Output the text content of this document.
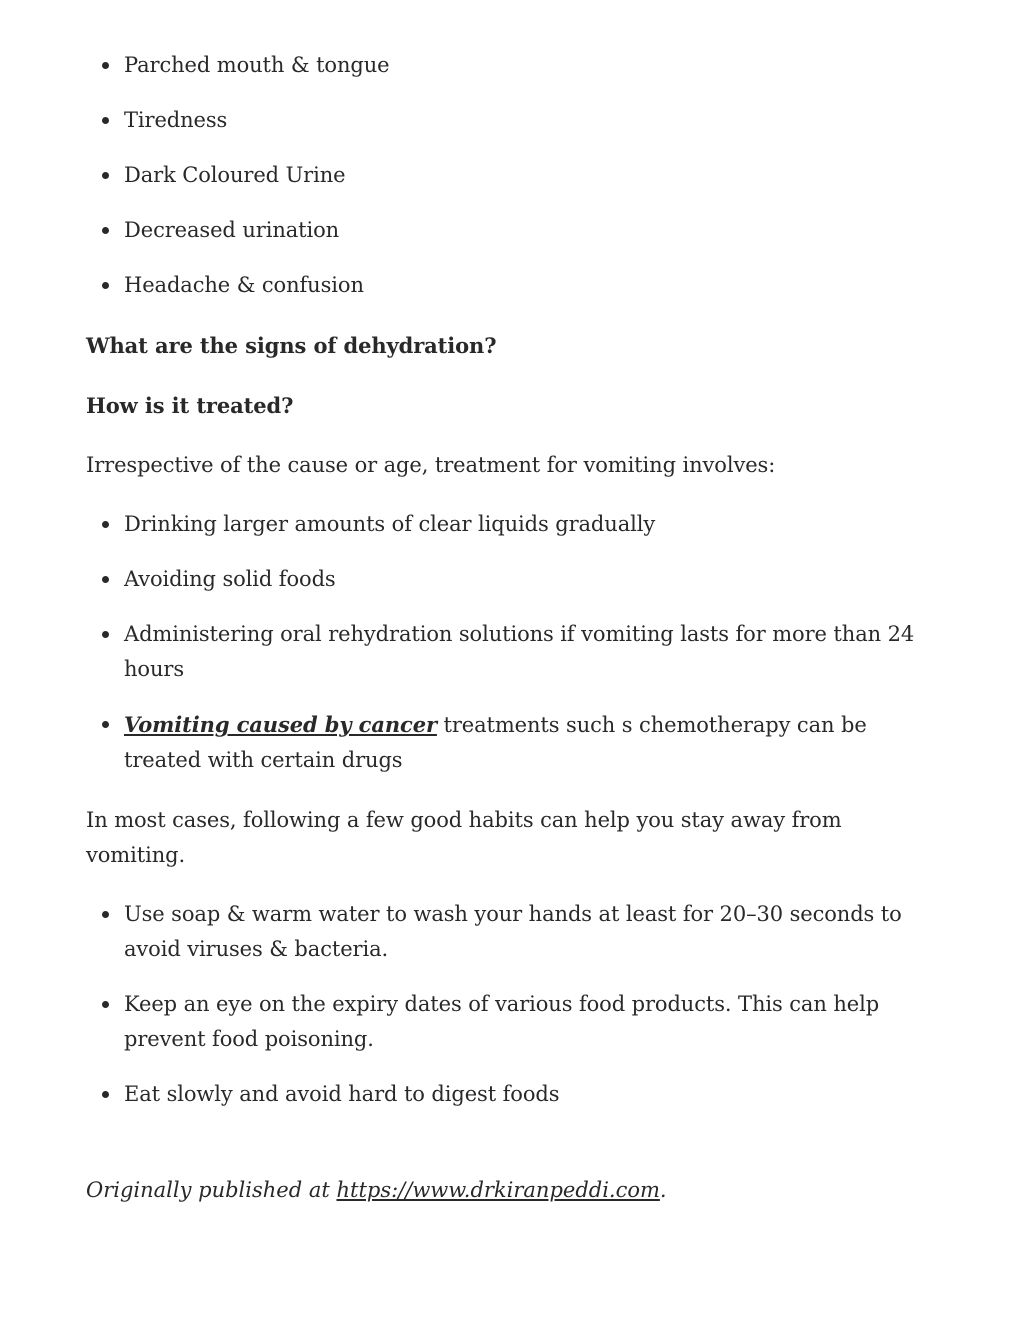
Parched mouth & tongue
Tiredness
Dark Coloured Urine
Decreased urination
Headache & confusion

What are the signs of dehydration?

How is it treated?

Irrespective of the cause or age, treatment for vomiting involves:

Drinking larger amounts of clear liquids gradually
Avoiding solid foods
Administering oral rehydration solutions if vomiting lasts for more than 24 hours
Vomiting caused by cancer treatments such s chemotherapy can be treated with certain drugs

In most cases, following a few good habits can help you stay away from vomiting.

Use soap & warm water to wash your hands at least for 20–30 seconds to avoid viruses & bacteria.
Keep an eye on the expiry dates of various food products. This can help prevent food poisoning.
Eat slowly and avoid hard to digest foods

Originally published at https://www.drkiranpeddi.com.
